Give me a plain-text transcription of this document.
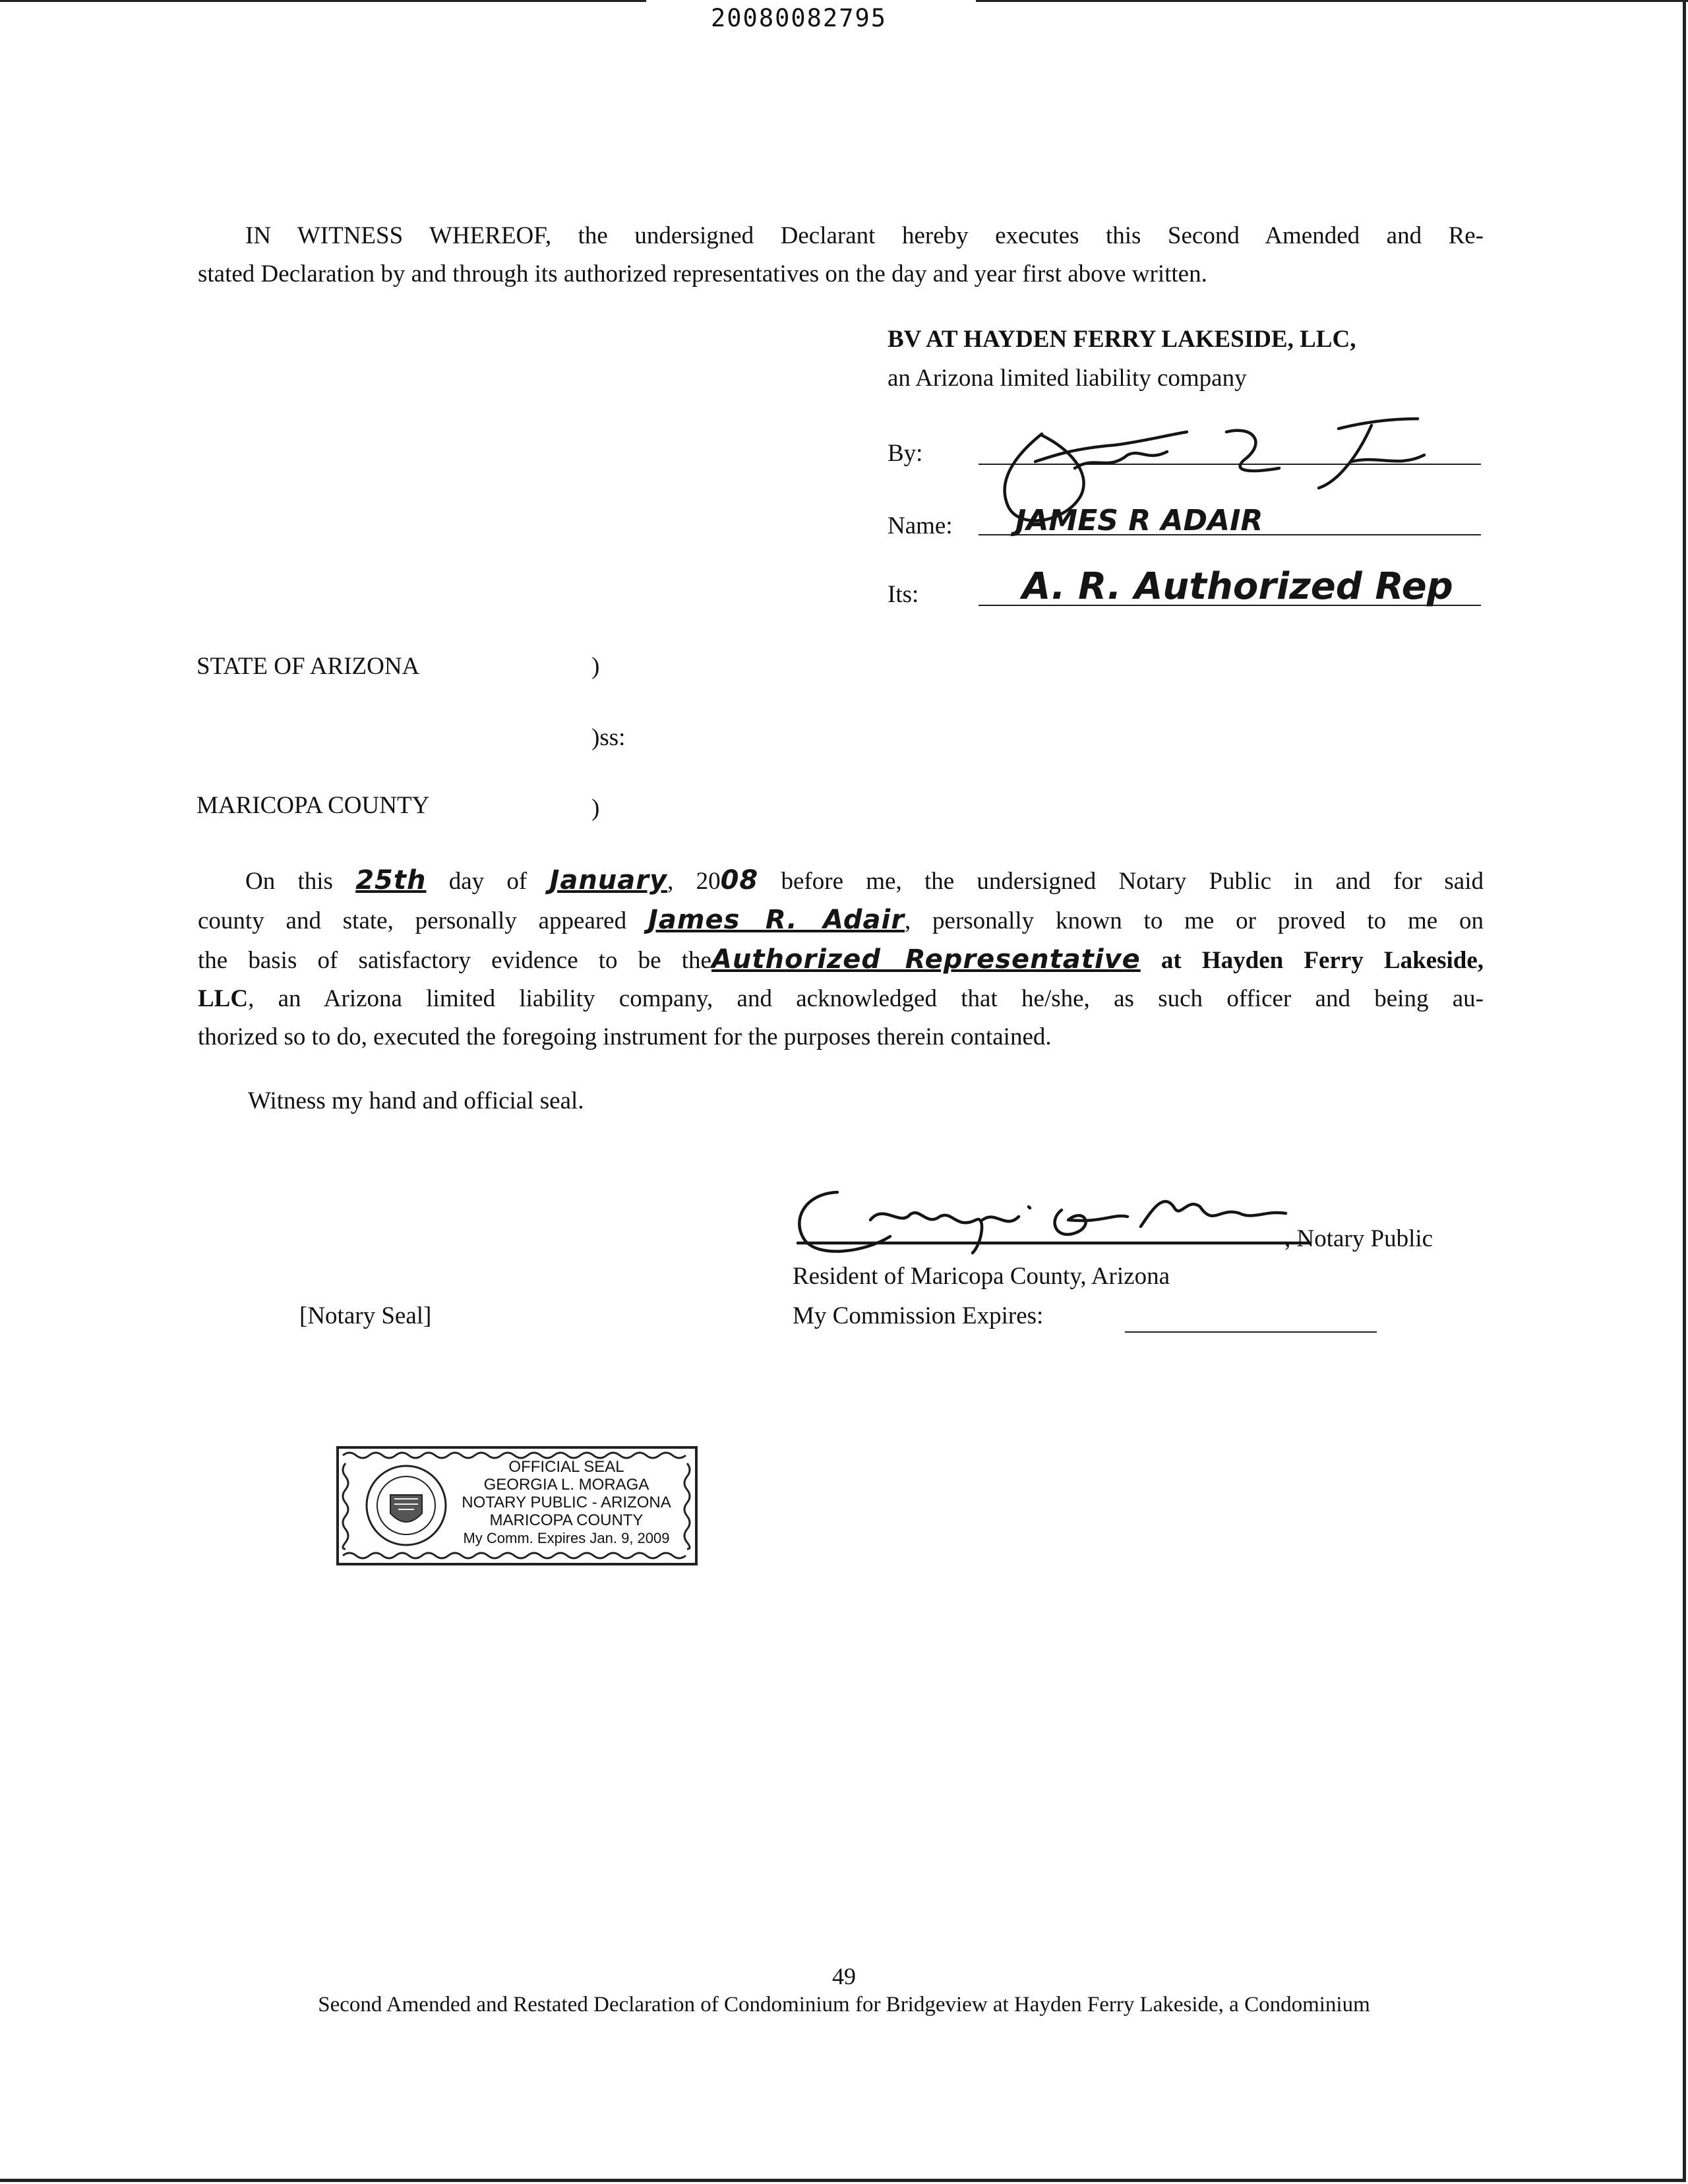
20080082795
IN WITNESS WHEREOF, the undersigned Declarant hereby executes this Second Amended and Re-
stated Declaration by and through its authorized representatives on the day and year first above written.
BV AT HAYDEN FERRY LAKESIDE, LLC,
an Arizona limited liability company
By:
Name: JAMES R ADAIR
Its:	A. R. Authorized Rep
STATE OF ARIZONA	)
)ss:
MARICOPA COUNTY	)
On this 25th day of January, 2008 before me, the undersigned Notary Public in and for said
county and state, personally appeared James R. Adair, personally known to me or proved to me on
the basis of satisfactory evidence to be theAuthorized Representative at Hayden Ferry Lakeside,
LLC, an Arizona limited liability company, and acknowledged that he/she, as such officer and being au-
thorized so to do, executed the foregoing instrument for the purposes therein contained.
Witness my hand and official seal.
, Notary Public
Resident of Maricopa County, Arizona
My Commission Expires:
[Notary Seal]
OFFICIAL SEAL
GEORGIA L. MORAGA
NOTARY PUBLIC - ARIZONA
MARICOPA COUNTY
My Comm. Expires Jan. 9, 2009
49
Second Amended and Restated Declaration of Condominium for Bridgeview at Hayden Ferry Lakeside, a Condominium
